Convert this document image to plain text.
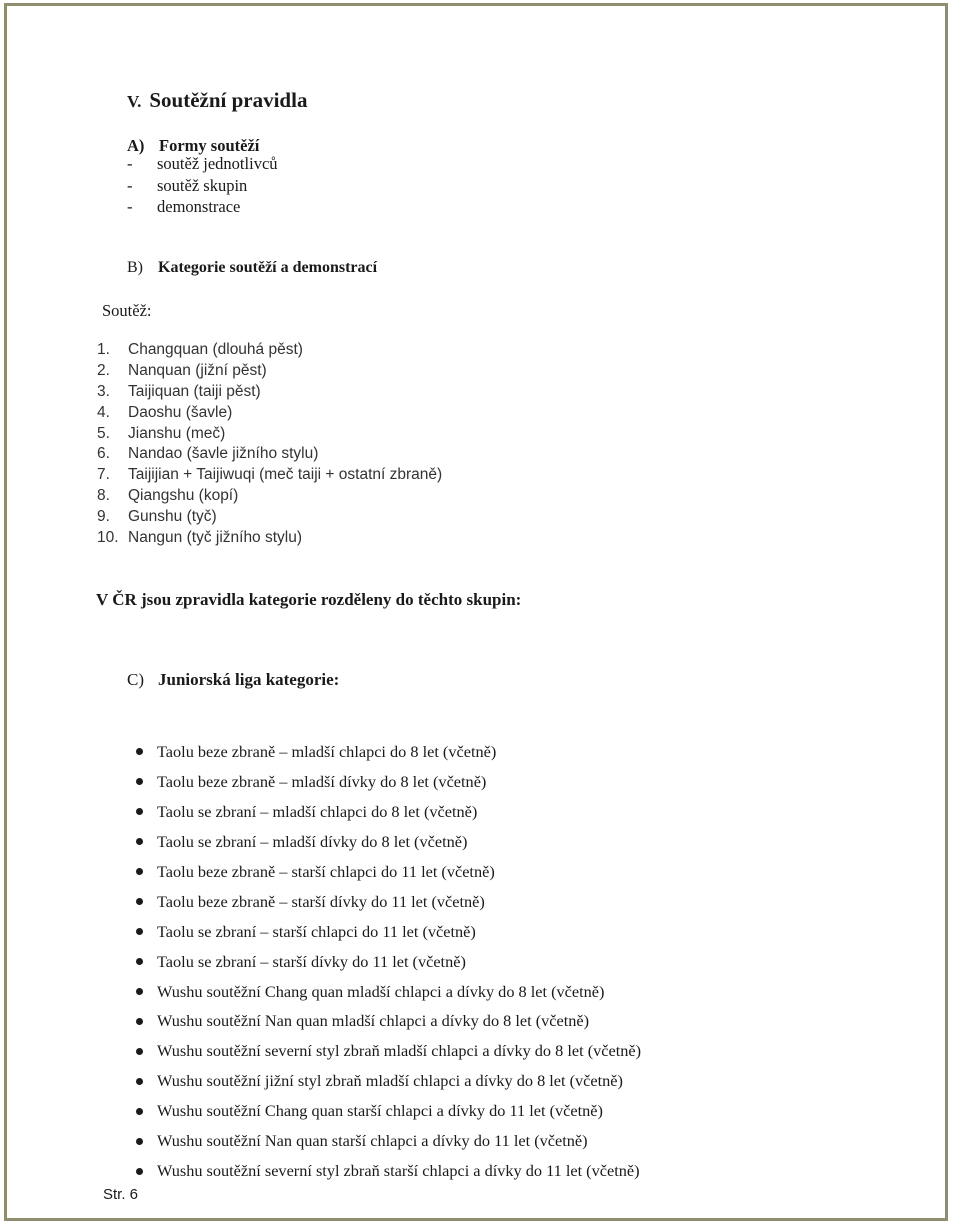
V. Soutěžní pravidla
A) Formy soutěží
- soutěž jednotlivců
- soutěž skupin
- demonstrace
B) Kategorie soutěží a demonstrací
Soutěž:
1. Changquan (dlouhá pěst)
2. Nanquan (jižní pěst)
3. Taijiquan (taiji pěst)
4. Daoshu (šavle)
5. Jianshu (meč)
6. Nandao (šavle jižního stylu)
7. Taijijian + Taijiwuqi (meč taiji + ostatní zbraně)
8. Qiangshu (kopí)
9. Gunshu (tyč)
10. Nangun (tyč jižního stylu)
V ČR jsou zpravidla kategorie rozděleny do těchto skupin:
C) Juniorská liga kategorie:
Taolu beze zbraně – mladší chlapci do 8 let (včetně)
Taolu beze zbraně – mladší dívky do 8 let (včetně)
Taolu se zbraní – mladší chlapci do 8 let (včetně)
Taolu se zbraní – mladší dívky do 8 let (včetně)
Taolu beze zbraně – starší chlapci do 11 let (včetně)
Taolu beze zbraně – starší dívky do 11 let (včetně)
Taolu se zbraní – starší chlapci do 11 let (včetně)
Taolu se zbraní – starší dívky do 11 let (včetně)
Wushu soutěžní Chang quan mladší chlapci a dívky do 8 let (včetně)
Wushu soutěžní Nan quan mladší chlapci a dívky do 8 let (včetně)
Wushu soutěžní severní styl zbraň mladší chlapci a dívky do 8 let (včetně)
Wushu soutěžní jižní styl zbraň mladší chlapci a dívky do 8 let (včetně)
Wushu soutěžní Chang quan starší chlapci a dívky do 11 let (včetně)
Wushu soutěžní Nan quan starší chlapci a dívky do 11 let (včetně)
Wushu soutěžní severní styl zbraň starší chlapci a dívky do 11 let (včetně)
Str. 6
